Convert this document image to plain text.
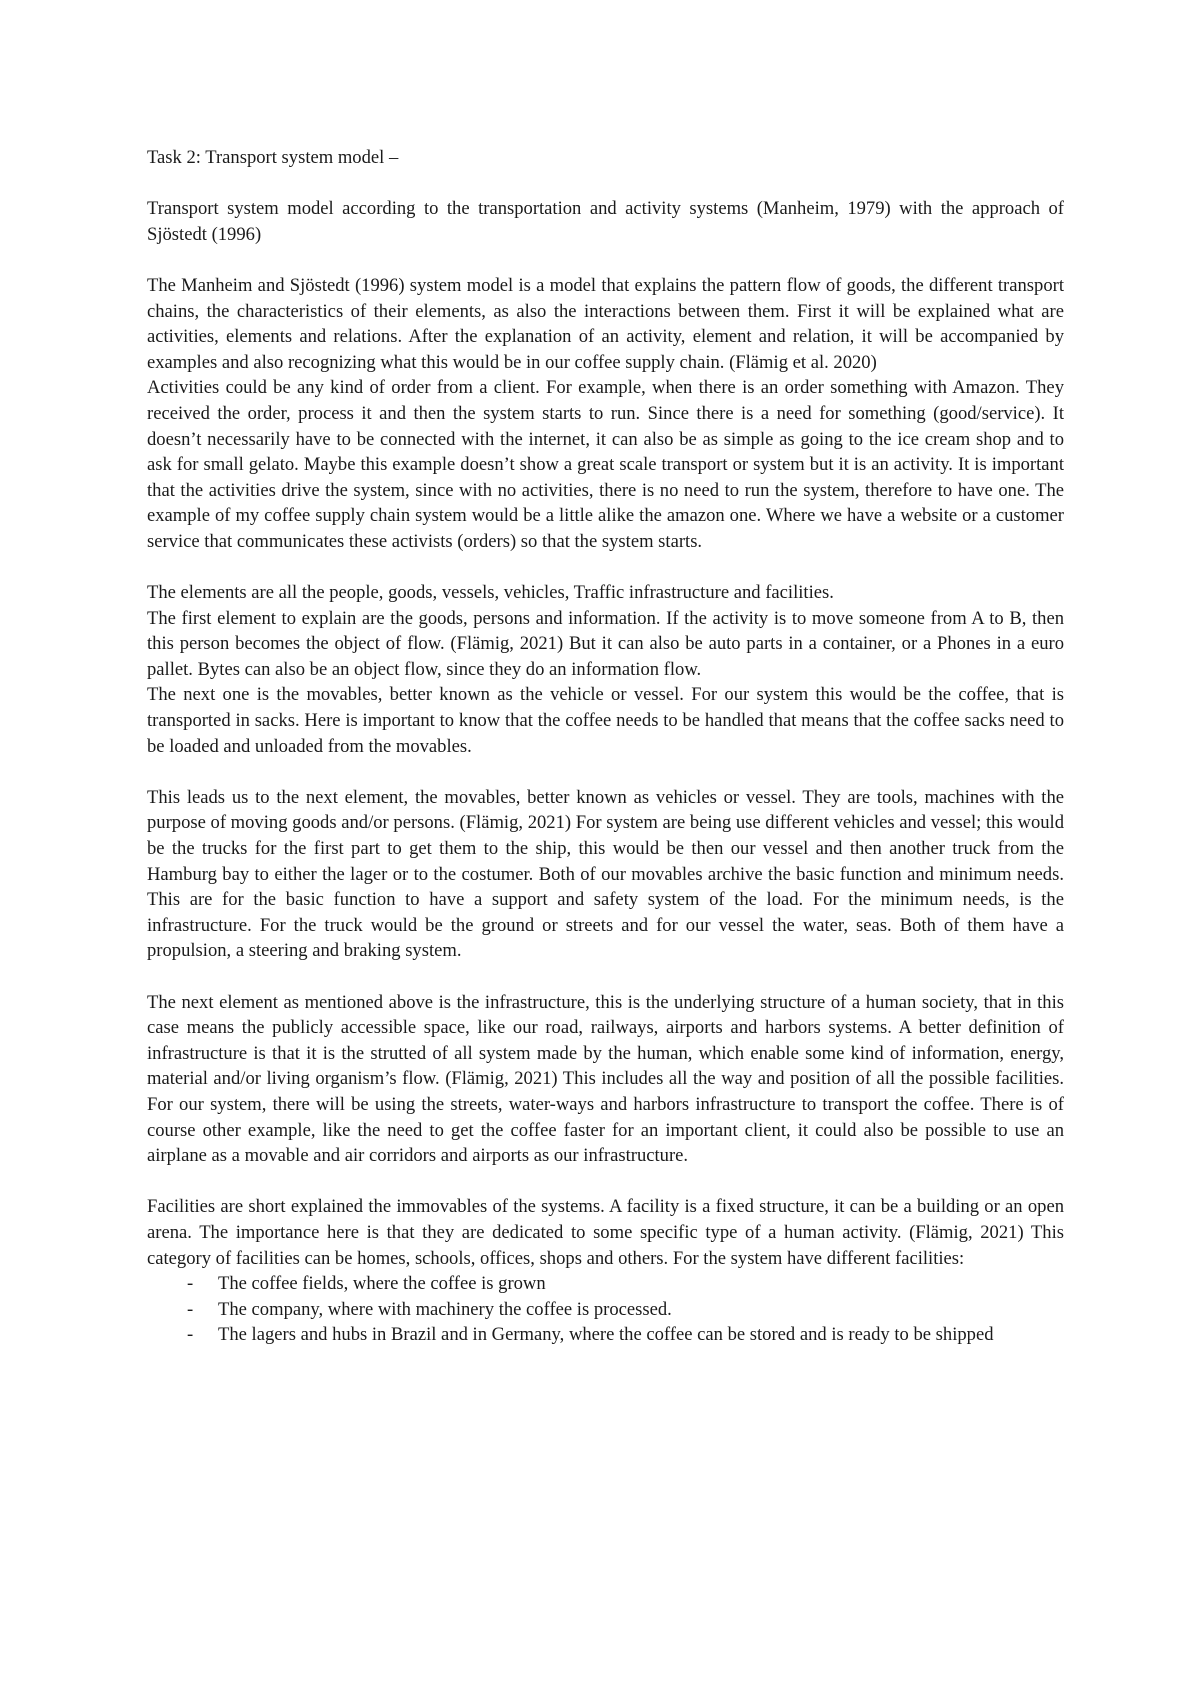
Task 2: Transport system model –

Transport system model according to the transportation and activity systems (Manheim, 1979) with the approach of Sjöstedt (1996)

The Manheim and Sjöstedt (1996) system model is a model that explains the pattern flow of goods, the different transport chains, the characteristics of their elements, as also the interactions between them. First it will be explained what are activities, elements and relations. After the explanation of an activity, element and relation, it will be accompanied by examples and also recognizing what this would be in our coffee supply chain. (Flämig et al. 2020)

Activities could be any kind of order from a client. For example, when there is an order something with Amazon. They received the order, process it and then the system starts to run. Since there is a need for something (good/service). It doesn’t necessarily have to be connected with the internet, it can also be as simple as going to the ice cream shop and to ask for small gelato. Maybe this example doesn’t show a great scale transport or system but it is an activity. It is important that the activities drive the system, since with no activities, there is no need to run the system, therefore to have one. The example of my coffee supply chain system would be a little alike the amazon one. Where we have a website or a customer service that communicates these activists (orders) so that the system starts.

The elements are all the people, goods, vessels, vehicles, Traffic infrastructure and facilities.

The first element to explain are the goods, persons and information. If the activity is to move someone from A to B, then this person becomes the object of flow. (Flämig, 2021) But it can also be auto parts in a container, or a Phones in a euro pallet. Bytes can also be an object flow, since they do an information flow.

The next one is the movables, better known as the vehicle or vessel. For our system this would be the coffee, that is transported in sacks. Here is important to know that the coffee needs to be handled that means that the coffee sacks need to be loaded and unloaded from the movables.

This leads us to the next element, the movables, better known as vehicles or vessel. They are tools, machines with the purpose of moving goods and/or persons. (Flämig, 2021) For system are being use different vehicles and vessel; this would be the trucks for the first part to get them to the ship, this would be then our vessel and then another truck from the Hamburg bay to either the lager or to the costumer. Both of our movables archive the basic function and minimum needs. This are for the basic function to have a support and safety system of the load. For the minimum needs, is the infrastructure. For the truck would be the ground or streets and for our vessel the water, seas. Both of them have a propulsion, a steering and braking system.

The next element as mentioned above is the infrastructure, this is the underlying structure of a human society, that in this case means the publicly accessible space, like our road, railways, airports and harbors systems. A better definition of infrastructure is that it is the strutted of all system made by the human, which enable some kind of information, energy, material and/or living organism’s flow. (Flämig, 2021) This includes all the way and position of all the possible facilities. For our system, there will be using the streets, water-ways and harbors infrastructure to transport the coffee. There is of course other example, like the need to get the coffee faster for an important client, it could also be possible to use an airplane as a movable and air corridors and airports as our infrastructure.

Facilities are short explained the immovables of the systems. A facility is a fixed structure, it can be a building or an open arena. The importance here is that they are dedicated to some specific type of a human activity. (Flämig, 2021) This category of facilities can be homes, schools, offices, shops and others. For the system have different facilities:

- The coffee fields, where the coffee is grown
- The company, where with machinery the coffee is processed.
- The lagers and hubs in Brazil and in Germany, where the coffee can be stored and is ready to be shipped
